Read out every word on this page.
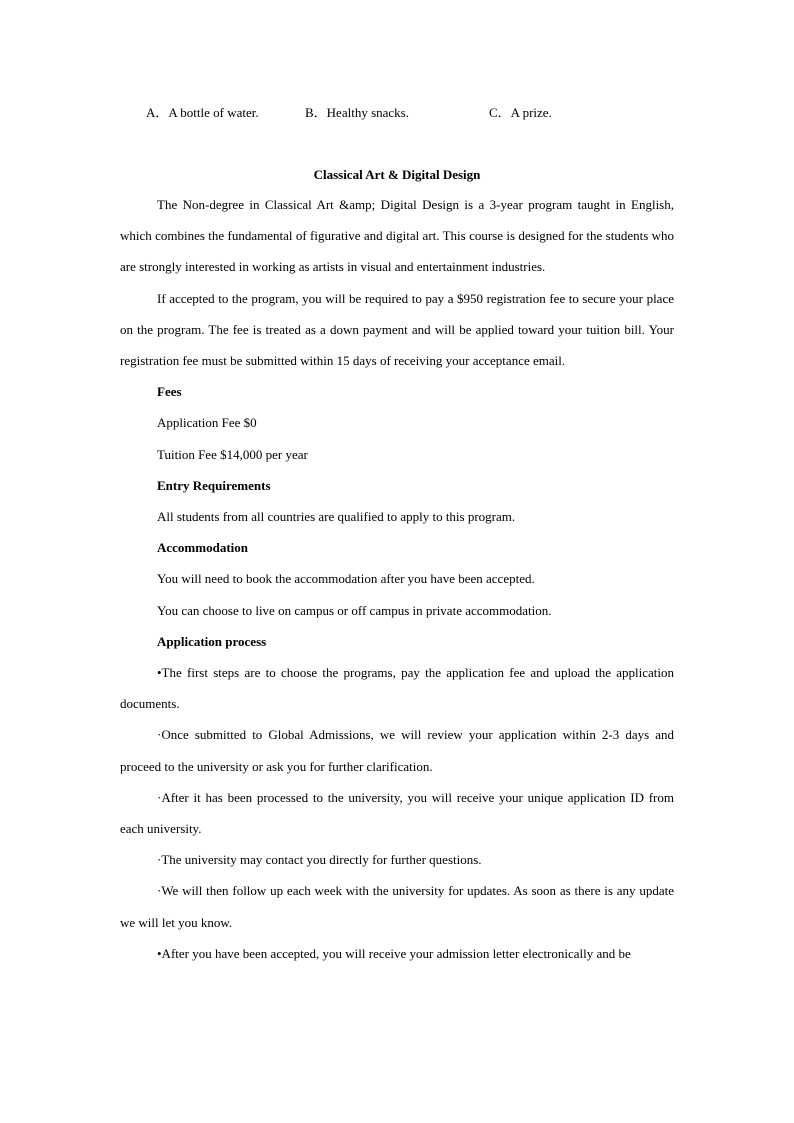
A．A bottle of water.	B．Healthy snacks.	C．A prize.
Classical Art & Digital Design

The Non-degree in Classical Art &amp; Digital Design is a 3-year program taught in English, which combines the fundamental of figurative and digital art. This course is designed for the students who are strongly interested in working as artists in visual and entertainment industries.

If accepted to the program, you will be required to pay a $950 registration fee to secure your place on the program. The fee is treated as a down payment and will be applied toward your tuition bill. Your registration fee must be submitted within 15 days of receiving your acceptance email.

Fees

Application Fee $0

Tuition Fee $14,000 per year

Entry Requirements

All students from all countries are qualified to apply to this program.

Accommodation

You will need to book the accommodation after you have been accepted.

You can choose to live on campus or off campus in private accommodation.

Application process

•The first steps are to choose the programs, pay the application fee and upload the application documents.

·Once submitted to Global Admissions, we will review your application within 2-3 days and proceed to the university or ask you for further clarification.

·After it has been processed to the university, you will receive your unique application ID from each university.

·The university may contact you directly for further questions.

·We will then follow up each week with the university for updates. As soon as there is any update we will let you know.

•After you have been accepted, you will receive your admission letter electronically and be
